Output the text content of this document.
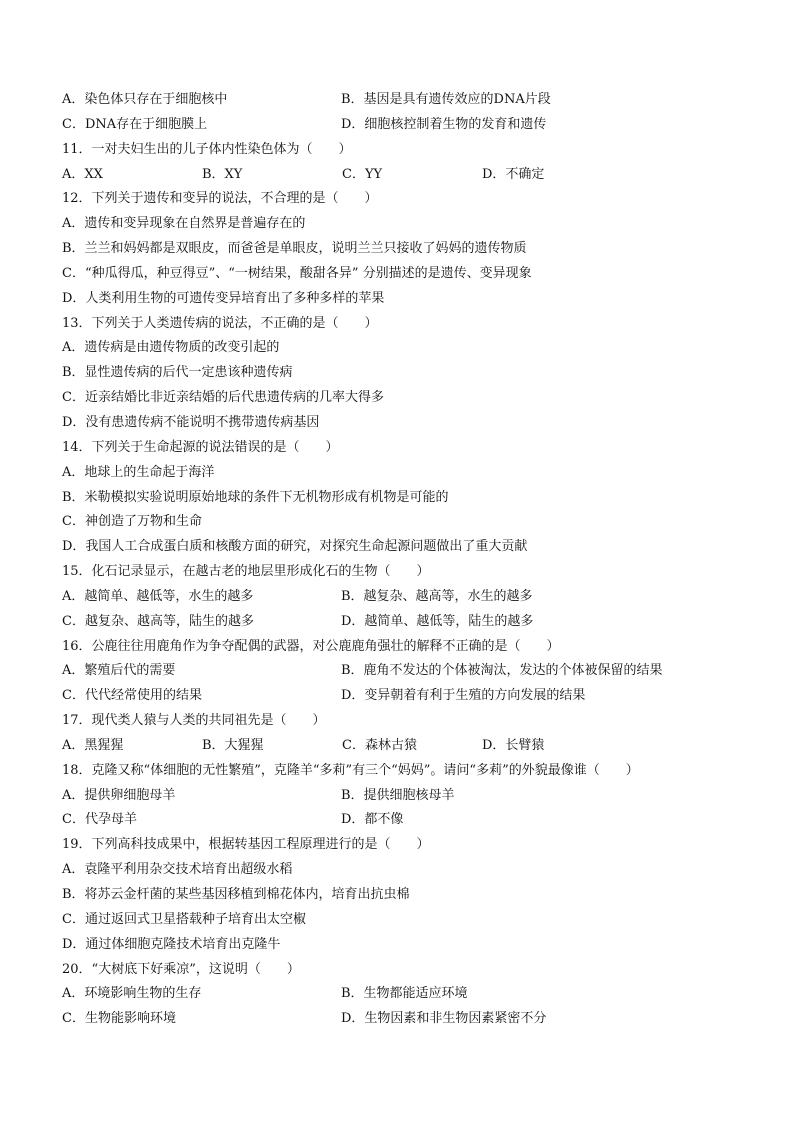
A．染色体只存在于细胞核中	B．基因是具有遗传效应的DNA片段
C．DNA存在于细胞膜上	D．细胞核控制着生物的发育和遗传
11．一对夫妇生出的儿子体内性染色体为（　　）
A．XX	B．XY	C．YY	D．不确定
12．下列关于遗传和变异的说法，不合理的是（　　）
A．遗传和变异现象在自然界是普遍存在的
B．兰兰和妈妈都是双眼皮，而爸爸是单眼皮，说明兰兰只接收了妈妈的遗传物质
C．“种瓜得瓜，种豆得豆”、“一树结果，酸甜各异” 分别描述的是遗传、变异现象
D．人类利用生物的可遗传变异培育出了多种多样的苹果
13．下列关于人类遗传病的说法，不正确的是（　　）
A．遗传病是由遗传物质的改变引起的
B．显性遗传病的后代一定患该种遗传病
C．近亲结婚比非近亲结婚的后代患遗传病的几率大得多
D．没有患遗传病不能说明不携带遗传病基因
14．下列关于生命起源的说法错误的是（　　）
A．地球上的生命起于海洋
B．米勒模拟实验说明原始地球的条件下无机物形成有机物是可能的
C．神创造了万物和生命
D．我国人工合成蛋白质和核酸方面的研究，对探究生命起源问题做出了重大贡献
15．化石记录显示，在越古老的地层里形成化石的生物（　　）
A．越简单、越低等，水生的越多	B．越复杂、越高等，水生的越多
C．越复杂、越高等，陆生的越多	D．越简单、越低等，陆生的越多
16．公鹿往往用鹿角作为争夺配偶的武器，对公鹿鹿角强壮的解释不正确的是（　　）
A．繁殖后代的需要	B．鹿角不发达的个体被淘汰，发达的个体被保留的结果
C．代代经常使用的结果	D．变异朝着有利于生殖的方向发展的结果
17．现代类人猿与人类的共同祖先是（　　）
A．黑猩猩	B．大猩猩	C．森林古猿	D．长臂猿
18．克隆又称“体细胞的无性繁殖”，克隆羊“多莉”有三个“妈妈”。请问“多莉”的外貌最像谁（　　）
A．提供卵细胞母羊	B．提供细胞核母羊
C．代孕母羊	D．都不像
19．下列高科技成果中，根据转基因工程原理进行的是（　　）
A．袁隆平利用杂交技术培育出超级水稻
B．将苏云金杆菌的某些基因移植到棉花体内，培育出抗虫棉
C．通过返回式卫星搭载种子培育出太空椒
D．通过体细胞克隆技术培育出克隆牛
20．“大树底下好乘凉”，这说明（　　）
A．环境影响生物的生存	B．生物都能适应环境
C．生物能影响环境	D．生物因素和非生物因素紧密不分
